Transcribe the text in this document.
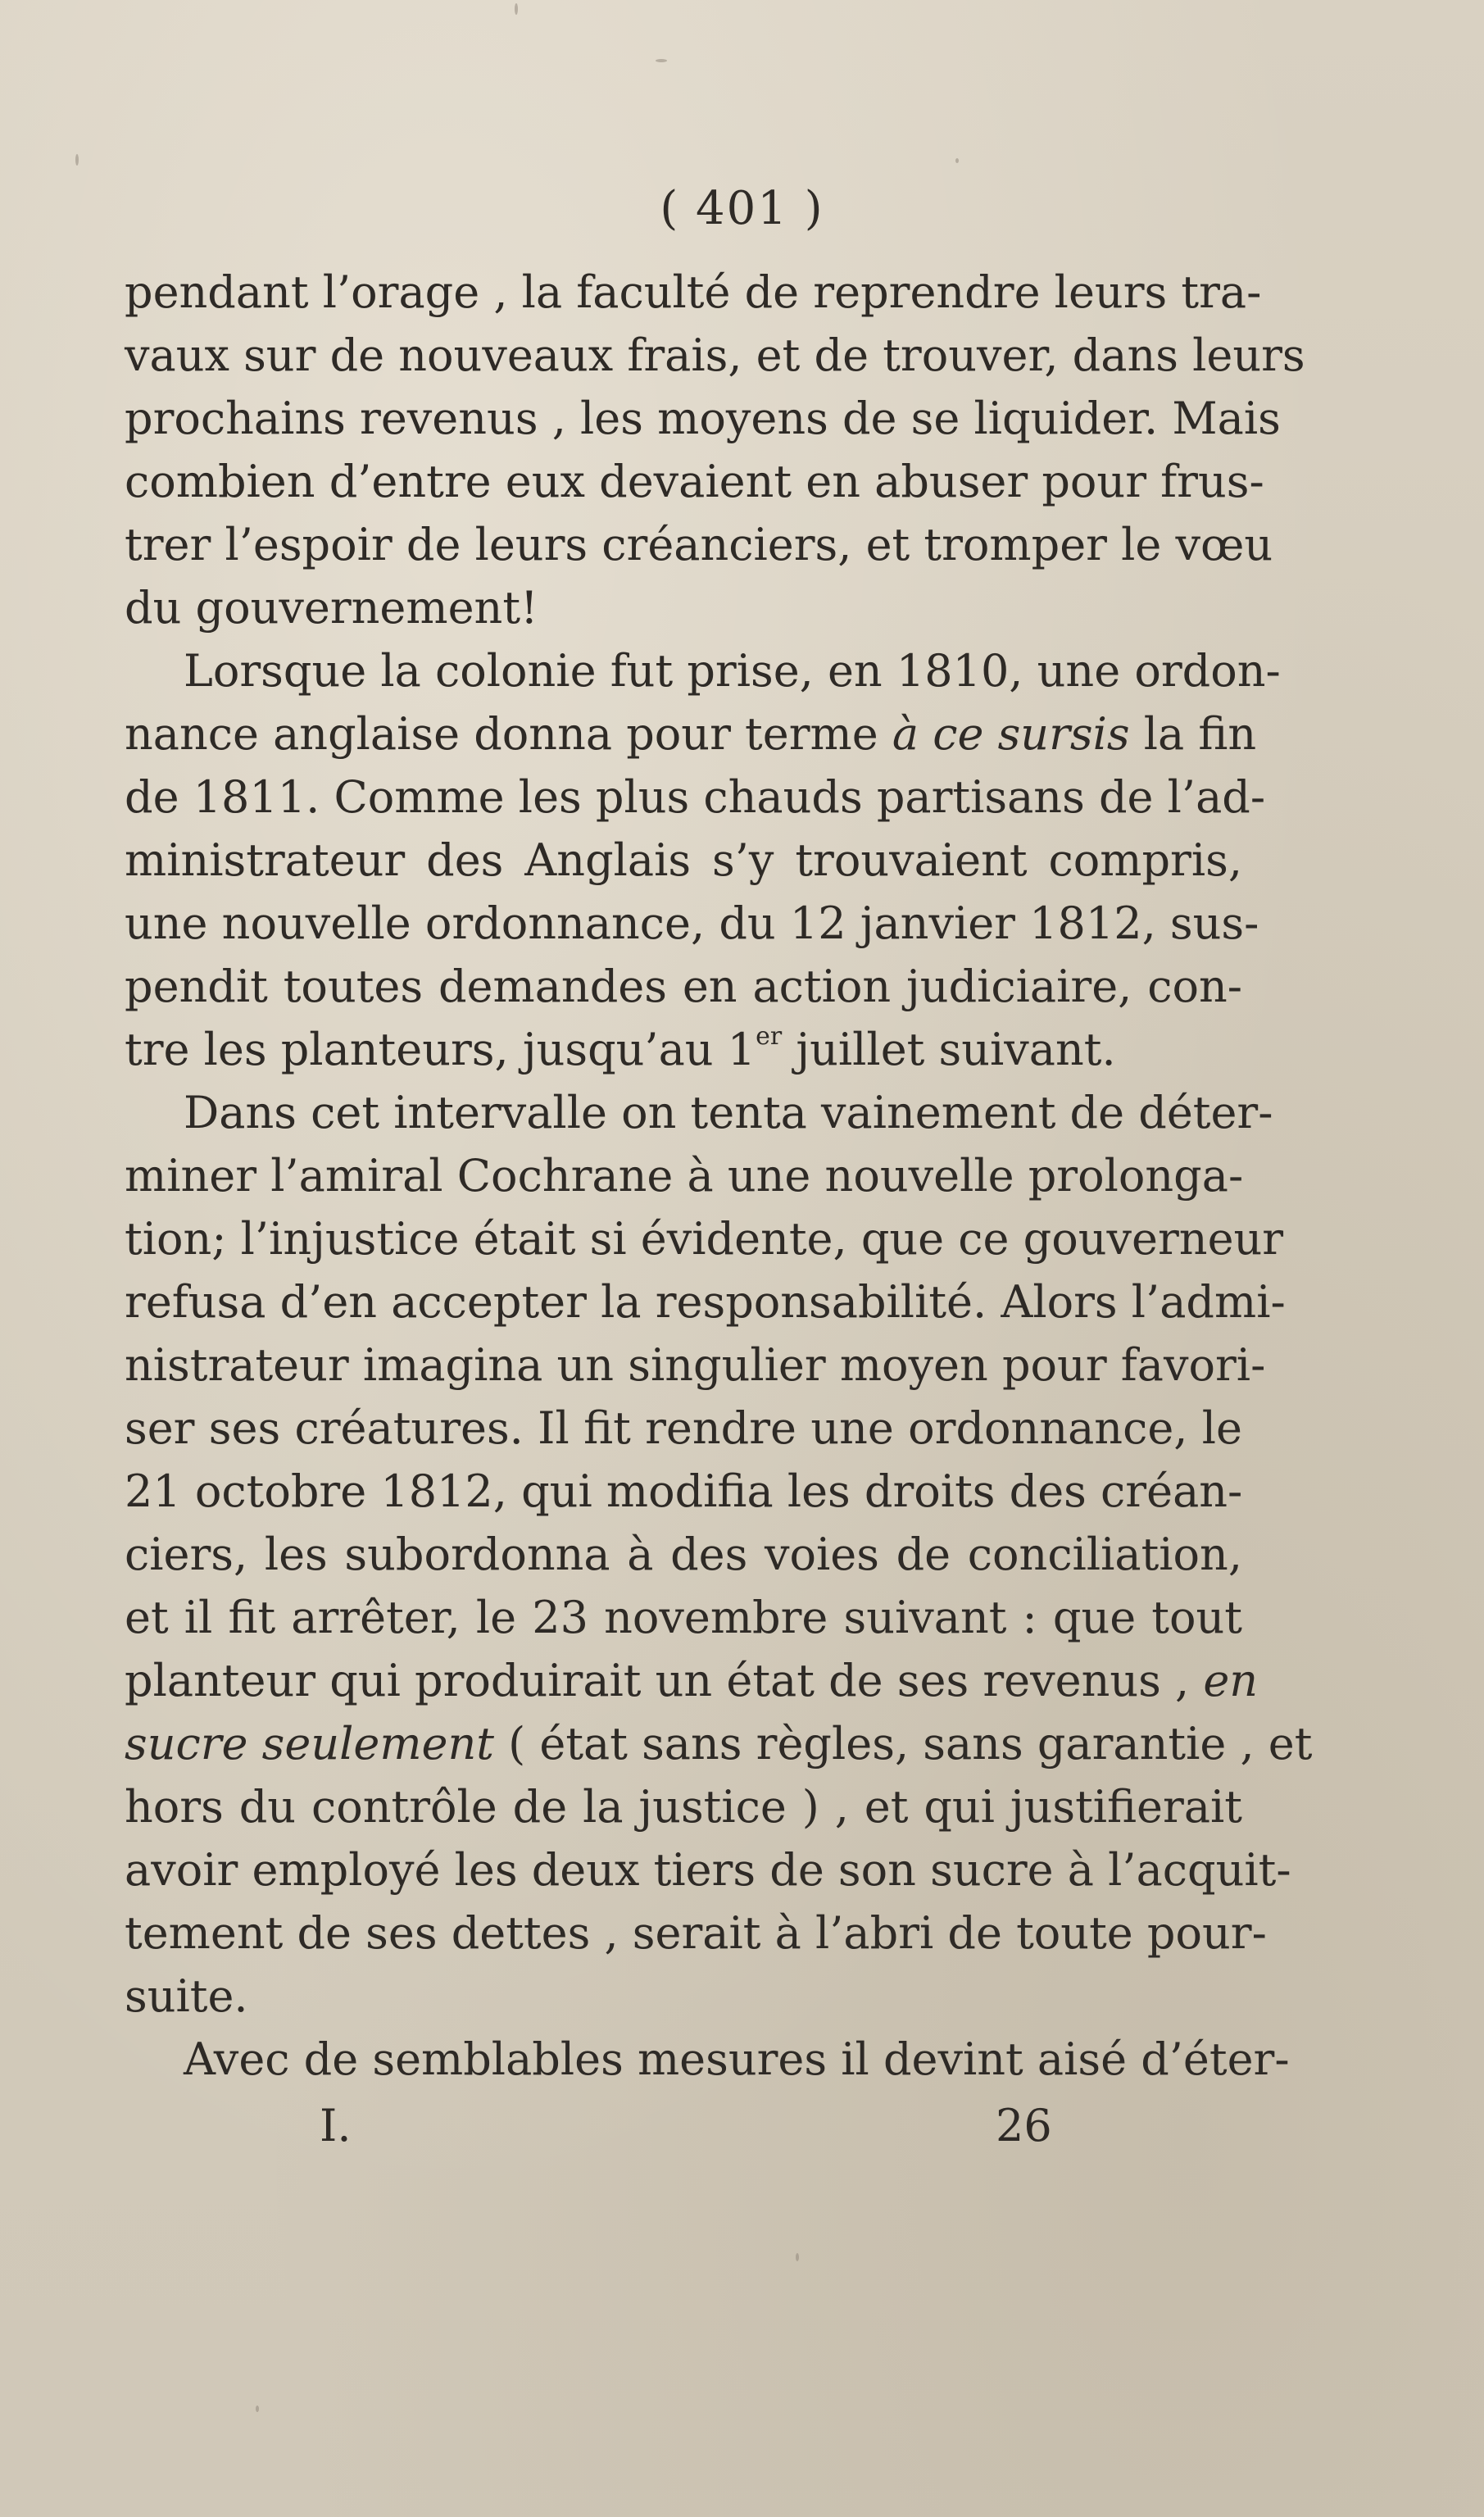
( 401 )
pendant l’orage , la faculté de reprendre leurs tra-
vaux sur de nouveaux frais, et de trouver, dans leurs
prochains revenus , les moyens de se liquider. Mais
combien d’entre eux devaient en abuser pour frus-
trer l’espoir de leurs créanciers, et tromper le vœu
du gouvernement!
Lorsque la colonie fut prise, en 1810, une ordon-
nance anglaise donna pour terme à ce sursis la fin
de 1811. Comme les plus chauds partisans de l’ad-
ministrateur des Anglais s’y trouvaient compris,
une nouvelle ordonnance, du 12 janvier 1812, sus-
pendit toutes demandes en action judiciaire, con-
tre les planteurs, jusqu’au 1er juillet suivant.
Dans cet intervalle on tenta vainement de déter-
miner l’amiral Cochrane à une nouvelle prolonga-
tion; l’injustice était si évidente, que ce gouverneur
refusa d’en accepter la responsabilité. Alors l’admi-
nistrateur imagina un singulier moyen pour favori-
ser ses créatures. Il fit rendre une ordonnance, le
21 octobre 1812, qui modifia les droits des créan-
ciers, les subordonna à des voies de conciliation,
et il fit arrêter, le 23 novembre suivant : que tout
planteur qui produirait un état de ses revenus , en
sucre seulement ( état sans règles, sans garantie , et
hors du contrôle de la justice ) , et qui justifierait
avoir employé les deux tiers de son sucre à l’acquit-
tement de ses dettes , serait à l’abri de toute pour-
suite.
Avec de semblables mesures il devint aisé d’éter-
I.	26
